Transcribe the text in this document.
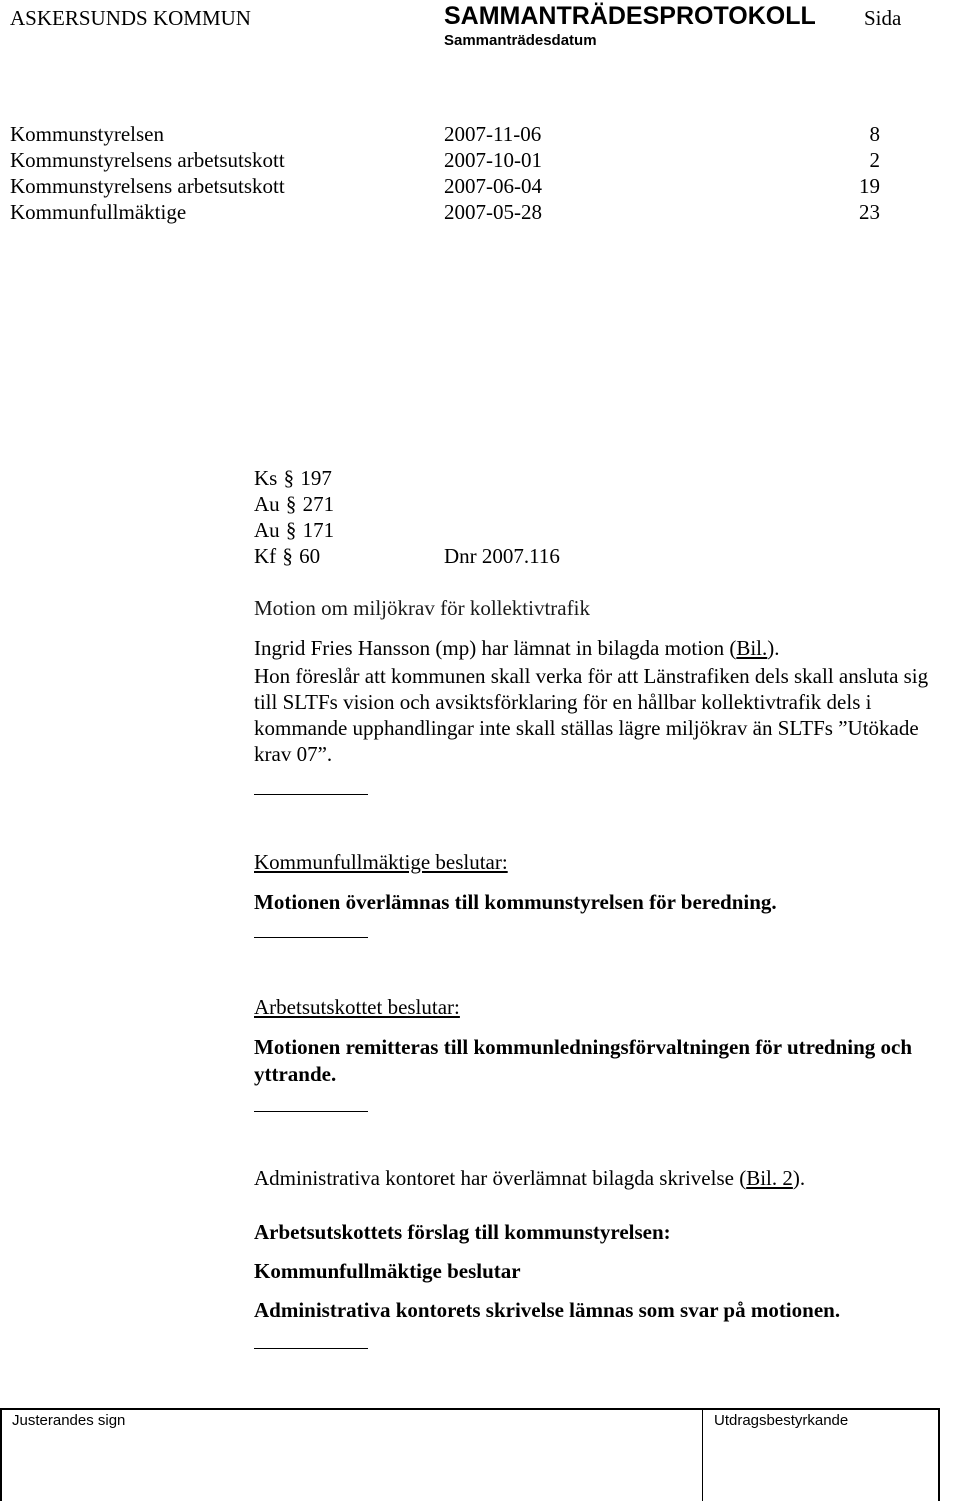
ASKERSUNDS KOMMUN	SAMMANTRÄDESPROTOKOLL Sida
Sammanträdesdatum
Kommunstyrelsen	2007-11-06	8
Kommunstyrelsens arbetsutskott	2007-10-01	2
Kommunstyrelsens arbetsutskott	2007-06-04	19
Kommunfullmäktige	2007-05-28	23
Ks § 197
Au § 271
Au § 171
Kf § 60	Dnr 2007.116
Motion om miljökrav för kollektivtrafik
Ingrid Fries Hansson (mp) har lämnat in bilagda motion (Bil.).

Hon föreslår att kommunen skall verka för att Länstrafiken dels skall ansluta sig till SLTFs vision och avsiktsförklaring för en hållbar kollektivtrafik dels i kommande upphandlingar inte skall ställas lägre miljökrav än SLTFs ”Utökade krav 07”.

Kommunfullmäktige beslutar:
Motionen överlämnas till kommunstyrelsen för beredning.
Arbetsutskottet beslutar:

Motionen remitteras till kommunledningsförvaltningen för utredning och yttrande.

Administrativa kontoret har överlämnat bilagda skrivelse (Bil. 2).
Arbetsutskottets förslag till kommunstyrelsen:
Kommunfullmäktige beslutar
Administrativa kontorets skrivelse lämnas som svar på motionen.
Justerandes sign	Utdragsbestyrkande
